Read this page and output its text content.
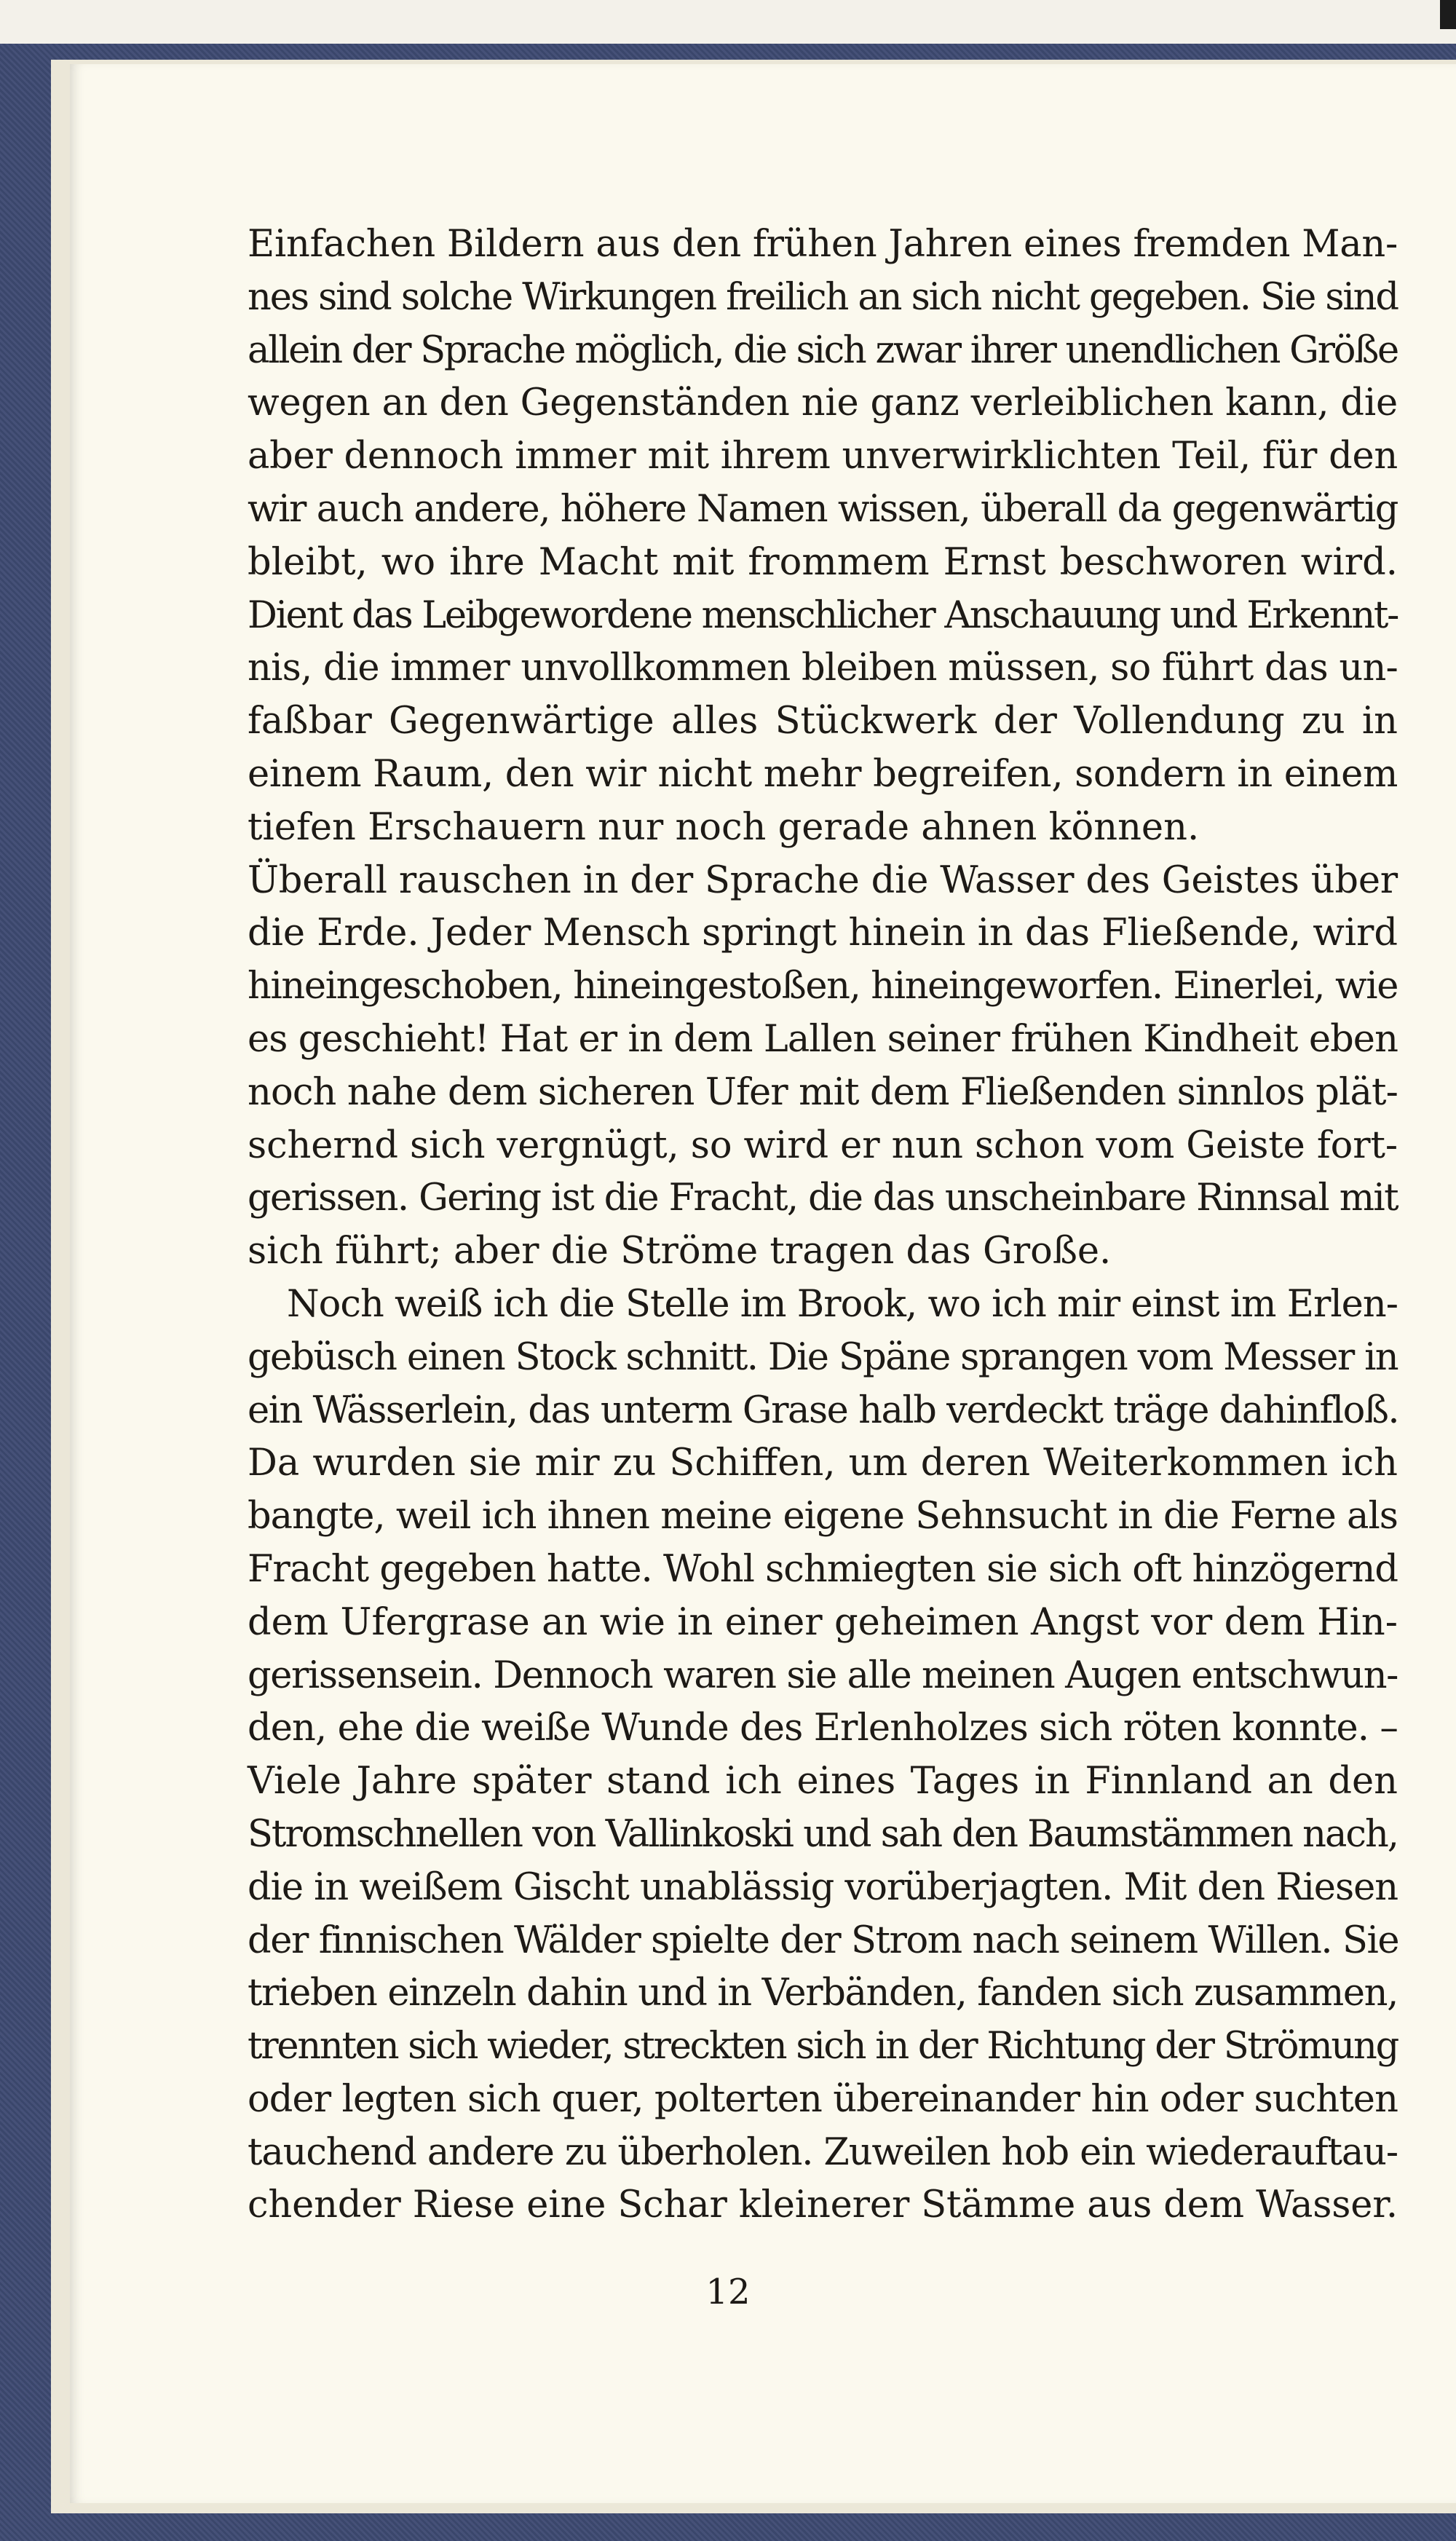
Einfachen Bildern aus den frühen Jahren eines fremden Man-
nes sind solche Wirkungen freilich an sich nicht gegeben. Sie sind
allein der Sprache möglich, die sich zwar ihrer unendlichen Größe
wegen an den Gegenständen nie ganz verleiblichen kann, die
aber dennoch immer mit ihrem unverwirklichten Teil, für den
wir auch andere, höhere Namen wissen, überall da gegenwärtig
bleibt, wo ihre Macht mit frommem Ernst beschworen wird.
Dient das Leibgewordene menschlicher Anschauung und Erkennt-
nis, die immer unvollkommen bleiben müssen, so führt das un-
faßbar Gegenwärtige alles Stückwerk der Vollendung zu in
einem Raum, den wir nicht mehr begreifen, sondern in einem
tiefen Erschauern nur noch gerade ahnen können.

Überall rauschen in der Sprache die Wasser des Geistes über
die Erde. Jeder Mensch springt hinein in das Fließende, wird
hineingeschoben, hineingestoßen, hineingeworfen. Einerlei, wie
es geschieht! Hat er in dem Lallen seiner frühen Kindheit eben
noch nahe dem sicheren Ufer mit dem Fließenden sinnlos plät-
schernd sich vergnügt, so wird er nun schon vom Geiste fort-
gerissen. Gering ist die Fracht, die das unscheinbare Rinnsal mit
sich führt; aber die Ströme tragen das Große.

Noch weiß ich die Stelle im Brook, wo ich mir einst im Erlen-
gebüsch einen Stock schnitt. Die Späne sprangen vom Messer in
ein Wässerlein, das unterm Grase halb verdeckt träge dahinfloß.
Da wurden sie mir zu Schiffen, um deren Weiterkommen ich
bangte, weil ich ihnen meine eigene Sehnsucht in die Ferne als
Fracht gegeben hatte. Wohl schmiegten sie sich oft hinzögernd
dem Ufergrase an wie in einer geheimen Angst vor dem Hin-
gerissensein. Dennoch waren sie alle meinen Augen entschwun-
den, ehe die weiße Wunde des Erlenholzes sich röten konnte. –
Viele Jahre später stand ich eines Tages in Finnland an den
Stromschnellen von Vallinkoski und sah den Baumstämmen nach,
die in weißem Gischt unablässig vorüberjagten. Mit den Riesen
der finnischen Wälder spielte der Strom nach seinem Willen. Sie
trieben einzeln dahin und in Verbänden, fanden sich zusammen,
trennten sich wieder, streckten sich in der Richtung der Strömung
oder legten sich quer, polterten übereinander hin oder suchten
tauchend andere zu überholen. Zuweilen hob ein wiederauftau-
chender Riese eine Schar kleinerer Stämme aus dem Wasser.

12
